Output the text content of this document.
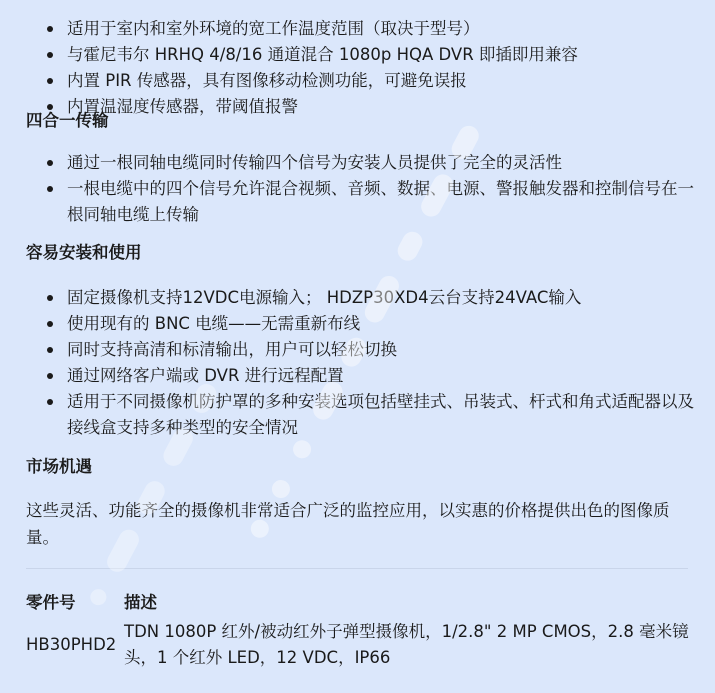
适用于室内和室外环境的宽工作温度范围（取决于型号）
与霍尼韦尔 HRHQ 4/8/16 通道混合 1080p HQA DVR 即插即用兼容
内置 PIR 传感器，具有图像移动检测功能，可避免误报
内置温湿度传感器，带阈值报警
四合一传输
通过一根同轴电缆同时传输四个信号为安装人员提供了完全的灵活性
一根电缆中的四个信号允许混合视频、音频、数据、电源、警报触发器和控制信号在一根同轴电缆上传输
容易安装和使用
固定摄像机支持12VDC电源输入； HDZP30XD4云台支持24VAC输入
使用现有的 BNC 电缆——无需重新布线
同时支持高清和标清输出，用户可以轻松切换
通过网络客户端或 DVR 进行远程配置
适用于不同摄像机防护罩的多种安装选项包括壁挂式、吊装式、杆式和角式适配器以及接线盒支持多种类型的安全情况
市场机遇
这些灵活、功能齐全的摄像机非常适合广泛的监控应用，以实惠的价格提供出色的图像质量。
零件号	描述
HB30PHD2
TDN 1080P 红外/被动红外子弹型摄像机，1/2.8" 2 MP CMOS，2.8 毫米镜头，1 个红外 LED，12 VDC，IP66
